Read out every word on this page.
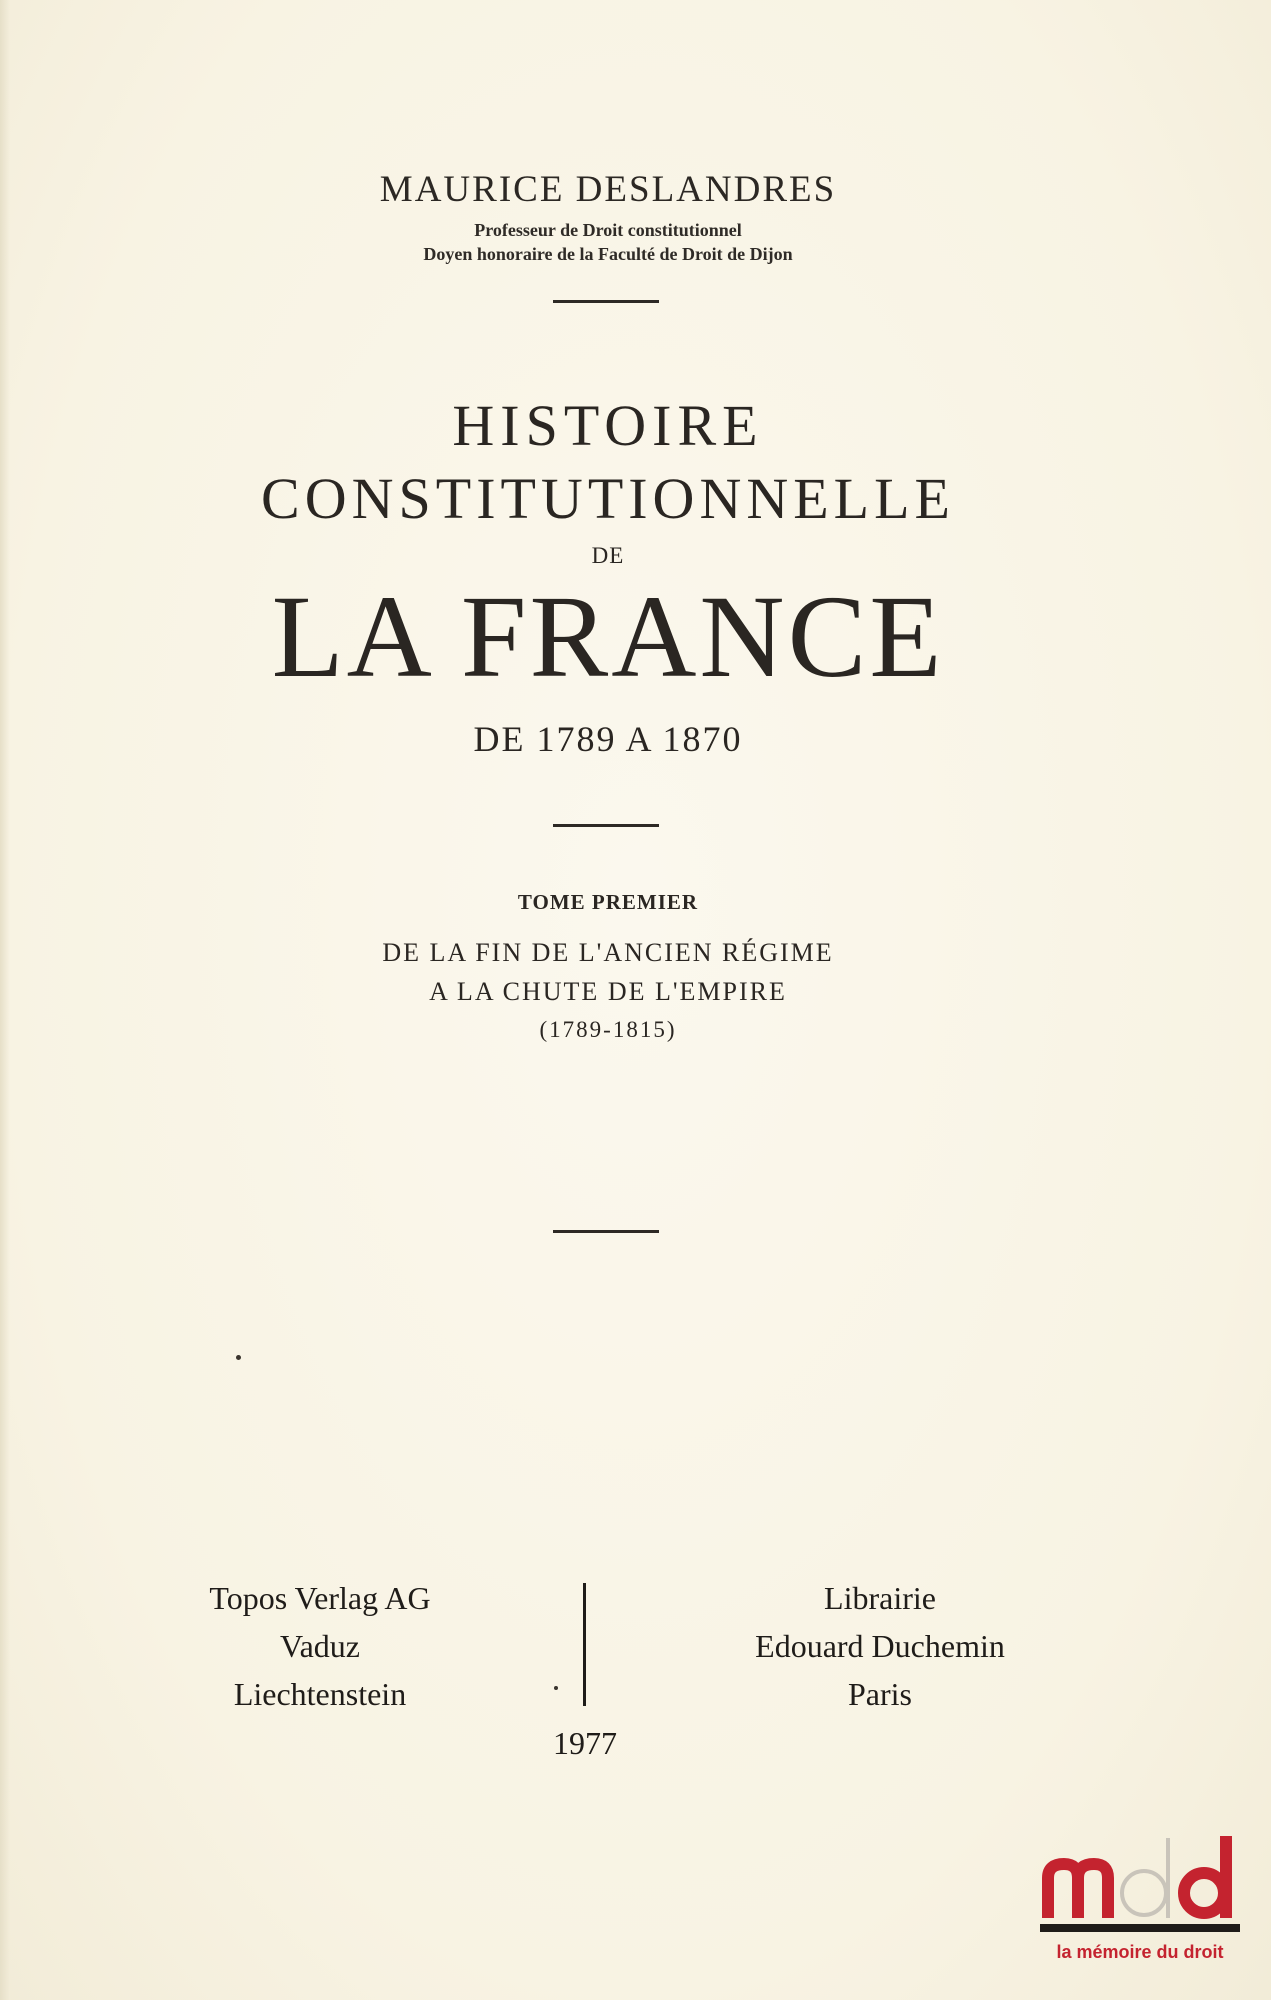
MAURICE DESLANDRES
Professeur de Droit constitutionnel
Doyen honoraire de la Faculté de Droit de Dijon
HISTOIRE
CONSTITUTIONNELLE
DE
LA FRANCE
DE 1789 A 1870
TOME PREMIER
DE LA FIN DE L'ANCIEN RÉGIME
A LA CHUTE DE L'EMPIRE
(1789-1815)
Topos Verlag AG
Vaduz
Liechtenstein
Librairie
Edouard Duchemin
Paris
1977
la mémoire du droit
